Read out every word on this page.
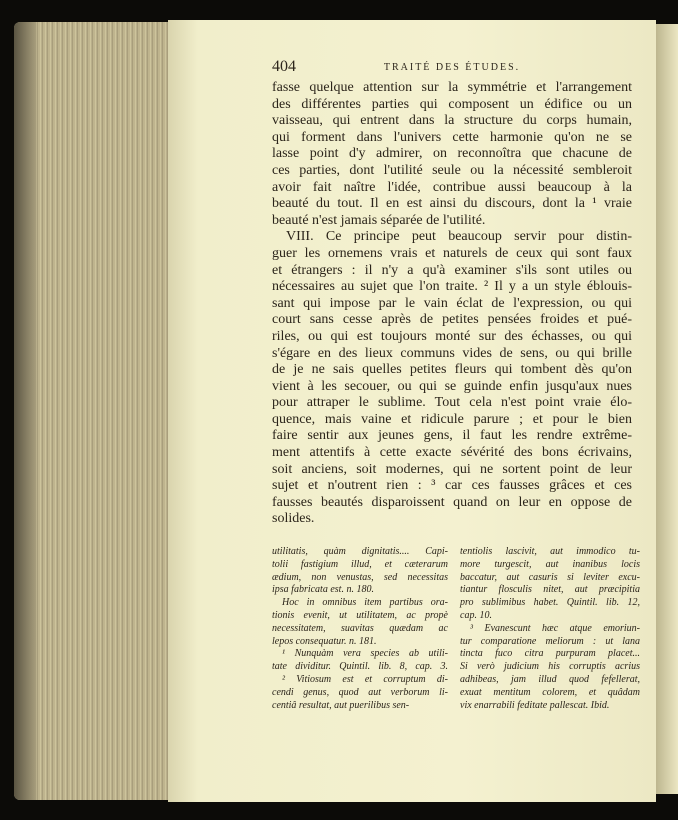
404	TRAITÉ DES ÉTUDES.
fasse quelque attention sur la symmétrie et l'arrangement
des différentes parties qui composent un édifice ou un
vaisseau, qui entrent dans la structure du corps humain,
qui forment dans l'univers cette harmonie qu'on ne se
lasse point d'y admirer, on reconnoîtra que chacune de
ces parties, dont l'utilité seule ou la nécessité sembleroit
avoir fait naître l'idée, contribue aussi beaucoup à la
beauté du tout. Il en est ainsi du discours, dont la ¹ vraie
beauté n'est jamais séparée de l'utilité.
VIII. Ce principe peut beaucoup servir pour distin-
guer les ornemens vrais et naturels de ceux qui sont faux
et étrangers : il n'y a qu'à examiner s'ils sont utiles ou
nécessaires au sujet que l'on traite. ² Il y a un style éblouis-
sant qui impose par le vain éclat de l'expression, ou qui
court sans cesse après de petites pensées froides et pué-
riles, ou qui est toujours monté sur des échasses, ou qui
s'égare en des lieux communs vides de sens, ou qui brille
de je ne sais quelles petites fleurs qui tombent dès qu'on
vient à les secouer, ou qui se guinde enfin jusqu'aux nues
pour attraper le sublime. Tout cela n'est point vraie élo-
quence, mais vaine et ridicule parure ; et pour le bien
faire sentir aux jeunes gens, il faut les rendre extrême-
ment attentifs à cette exacte sévérité des bons écrivains,
soit anciens, soit modernes, qui ne sortent point de leur
sujet et n'outrent rien : ³ car ces fausses grâces et ces
fausses beautés disparoissent quand on leur en oppose de
solides.
utilitatis, quàm dignitatis.... Capi-
tolii fastigium illud, et cæterarum
ædium, non venustas, sed necessitas
ipsa fabricata est. n. 180.
Hoc in omnibus item partibus ora-
tionis evenit, ut utilitatem, ac propè
necessitatem, suavitas quædam ac
lepos consequatur. n. 181.
¹ Nunquàm vera species ab utili-
tate dividitur. Quintil. lib. 8, cap. 3.
² Vitiosum est et corruptum di-
cendi genus, quod aut verborum li-
centiâ resultat, aut puerilibus sen-
tentiolis lascivit, aut immodico tu-
more turgescit, aut inanibus locis
baccatur, aut casuris si leviter excu-
tiantur flosculis nitet, aut præcipitia
pro sublimibus habet. Quintil. lib. 12,
cap. 10.
³ Evanescunt hæc atque emoriun-
tur comparatione meliorum : ut lana
tincta fuco citra purpuram placet...
Si verò judicium his corruptis acrius
adhibeas, jam illud quod fefellerat,
exuat mentitum colorem, et quâdam
vix enarrabili feditate pallescat. Ibid.
